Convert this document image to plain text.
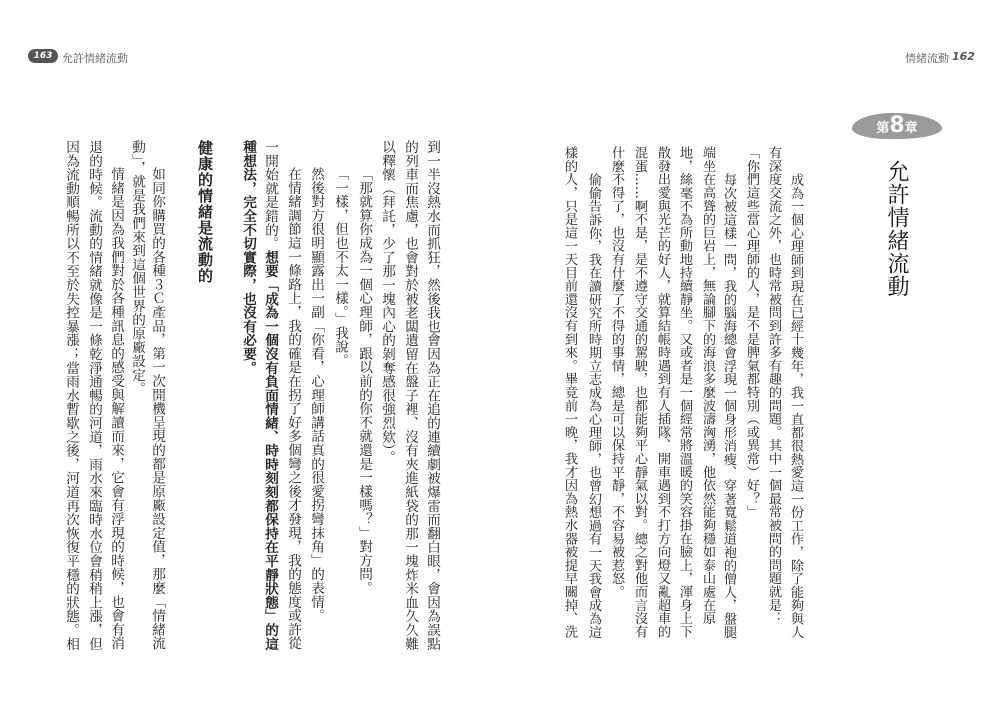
163 允許情緒流動	情緒流動 162
第8章
允許情緒流動
成為一個心理師到現在已經十幾年，我一直都很熱愛這一份工作，除了能夠與人
有深度交流之外，也時常被問到許多有趣的問題。其中一個最常被問的問題就是：
「你們這些當心理師的人，是不是脾氣都特別（或異常）好？」
每次被這樣一問，我的腦海總會浮現一個身形消瘦、穿著寬鬆道袍的僧人，盤腿
端坐在高聳的巨岩上，無論腳下的海浪多麼波濤洶湧，他依然能夠穩如泰山處在原
地，絲毫不為所動地持續靜坐。又或者是一個經常將溫暖的笑容掛在臉上，渾身上下
散發出愛與光芒的好人，就算結帳時遇到有人插隊、開車遇到不打方向燈又亂超車的
混蛋……啊不是，是不遵守交通的駕駛，也都能夠平心靜氣以對。總之對他而言沒有
什麼不得了，也沒有什麼了不得的事情，總是可以保持平靜，不容易被惹怒。
偷偷告訴你，我在讀研究所時期立志成為心理師，也曾幻想過有一天我會成為這
樣的人，只是這一天目前還沒有到來。畢竟前一晚，我才因為熱水器被提早關掉、洗
到一半沒熱水而抓狂，然後我也會因為正在追的連續劇被爆雷而翻白眼，會因為誤點
的列車而焦慮，也會對於被老闆遺留在盤子裡、沒有夾進紙袋的那一塊炸米血久久難
以釋懷（拜託，少了那一塊內心的剝奪感很強烈欸）。
「那就算你成為一個心理師，跟以前的你不就還是一樣嗎？」對方問。
「一樣，但也不太一樣。」我說。
然後對方很明顯露出一副「你看，心理師講話真的很愛拐彎抹角」的表情。
在情緒調節這一條路上，我的確是在拐了好多個彎之後才發現，我的態度或許從
一開始就是錯的。想要「成為一個沒有負面情緒、時時刻刻都保持在平靜狀態」的這
種想法，完全不切實際，也沒有必要。
健康的情緒是流動的
如同你購買的各種３Ｃ產品，第一次開機呈現的都是原廠設定值，那麼「情緒流
動」，就是我們來到這個世界的原廠設定。
情緒是因為我們對於各種訊息的感受與解讀而來，它會有浮現的時候，也會有消
退的時候。流動的情緒就像是一條乾淨通暢的河道，雨水來臨時水位會稍稍上漲，但
因為流動順暢所以不至於失控暴漲；當雨水暫歇之後，河道再次恢復平穩的狀態。相
